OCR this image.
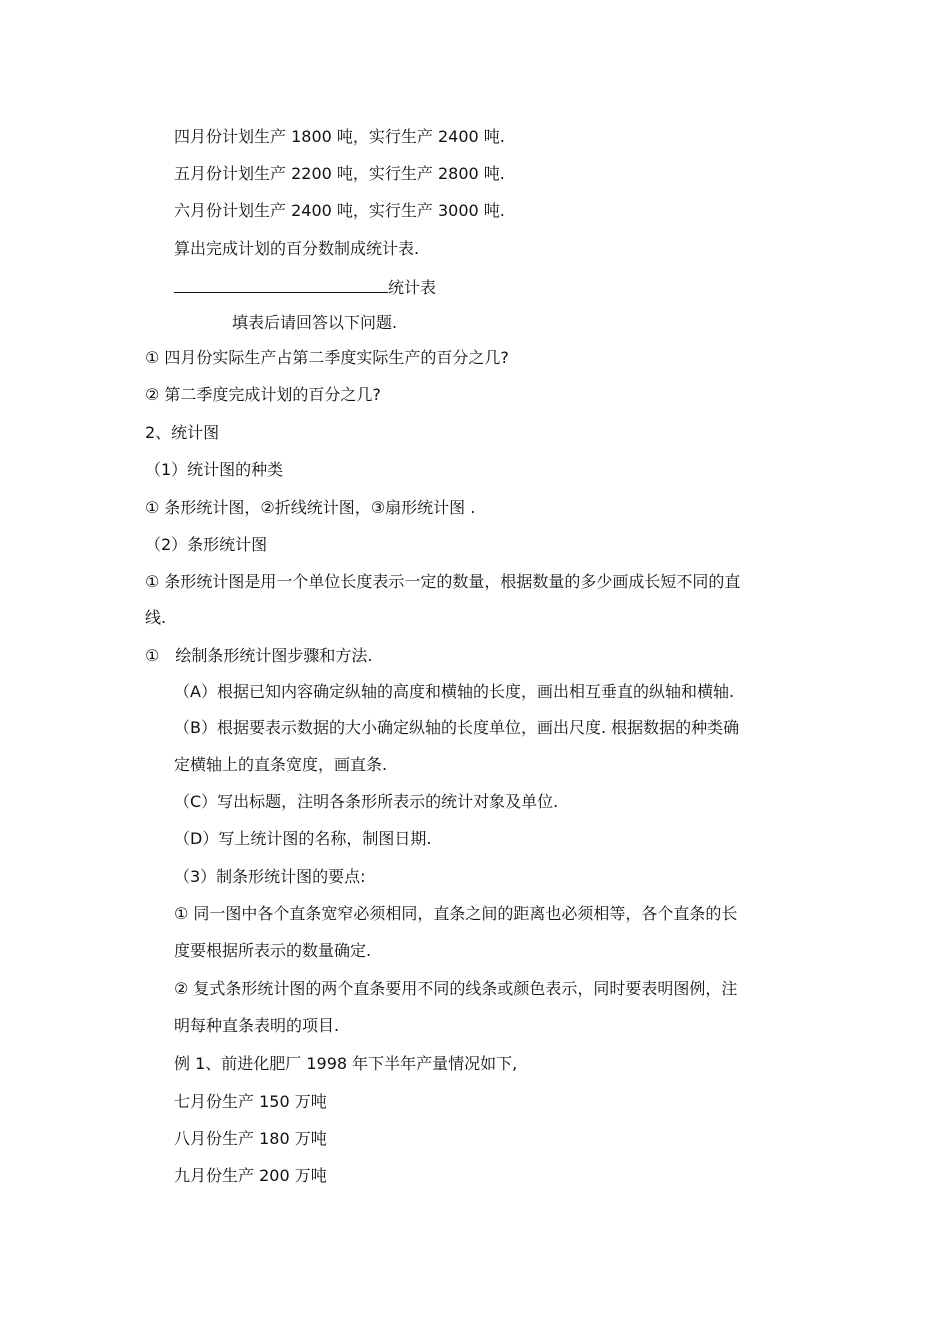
四月份计划生产 1800 吨，实行生产 2400 吨.
五月份计划生产 2200 吨，实行生产 2800 吨.
六月份计划生产 2400 吨，实行生产 3000 吨.
算出完成计划的百分数制成统计表.
统计表
填表后请回答以下问题.
① 四月份实际生产占第二季度实际生产的百分之几?
② 第二季度完成计划的百分之几?
2、统计图
（1）统计图的种类
① 条形统计图，②折线统计图，③扇形统计图 .
（2）条形统计图
① 条形统计图是用一个单位长度表示一定的数量，根据数量的多少画成长短不同的直
线.
①　绘制条形统计图步骤和方法.
（A）根据已知内容确定纵轴的高度和横轴的长度，画出相互垂直的纵轴和横轴.
（B）根据要表示数据的大小确定纵轴的长度单位，画出尺度. 根据数据的种类确
定横轴上的直条宽度，画直条.
（C）写出标题，注明各条形所表示的统计对象及单位.
（D）写上统计图的名称，制图日期.
（3）制条形统计图的要点:
① 同一图中各个直条宽窄必须相同，直条之间的距离也必须相等，各个直条的长
度要根据所表示的数量确定.
② 复式条形统计图的两个直条要用不同的线条或颜色表示，同时要表明图例，注
明每种直条表明的项目.
例 1、前进化肥厂 1998 年下半年产量情况如下,
七月份生产 150 万吨
八月份生产 180 万吨
九月份生产 200 万吨
